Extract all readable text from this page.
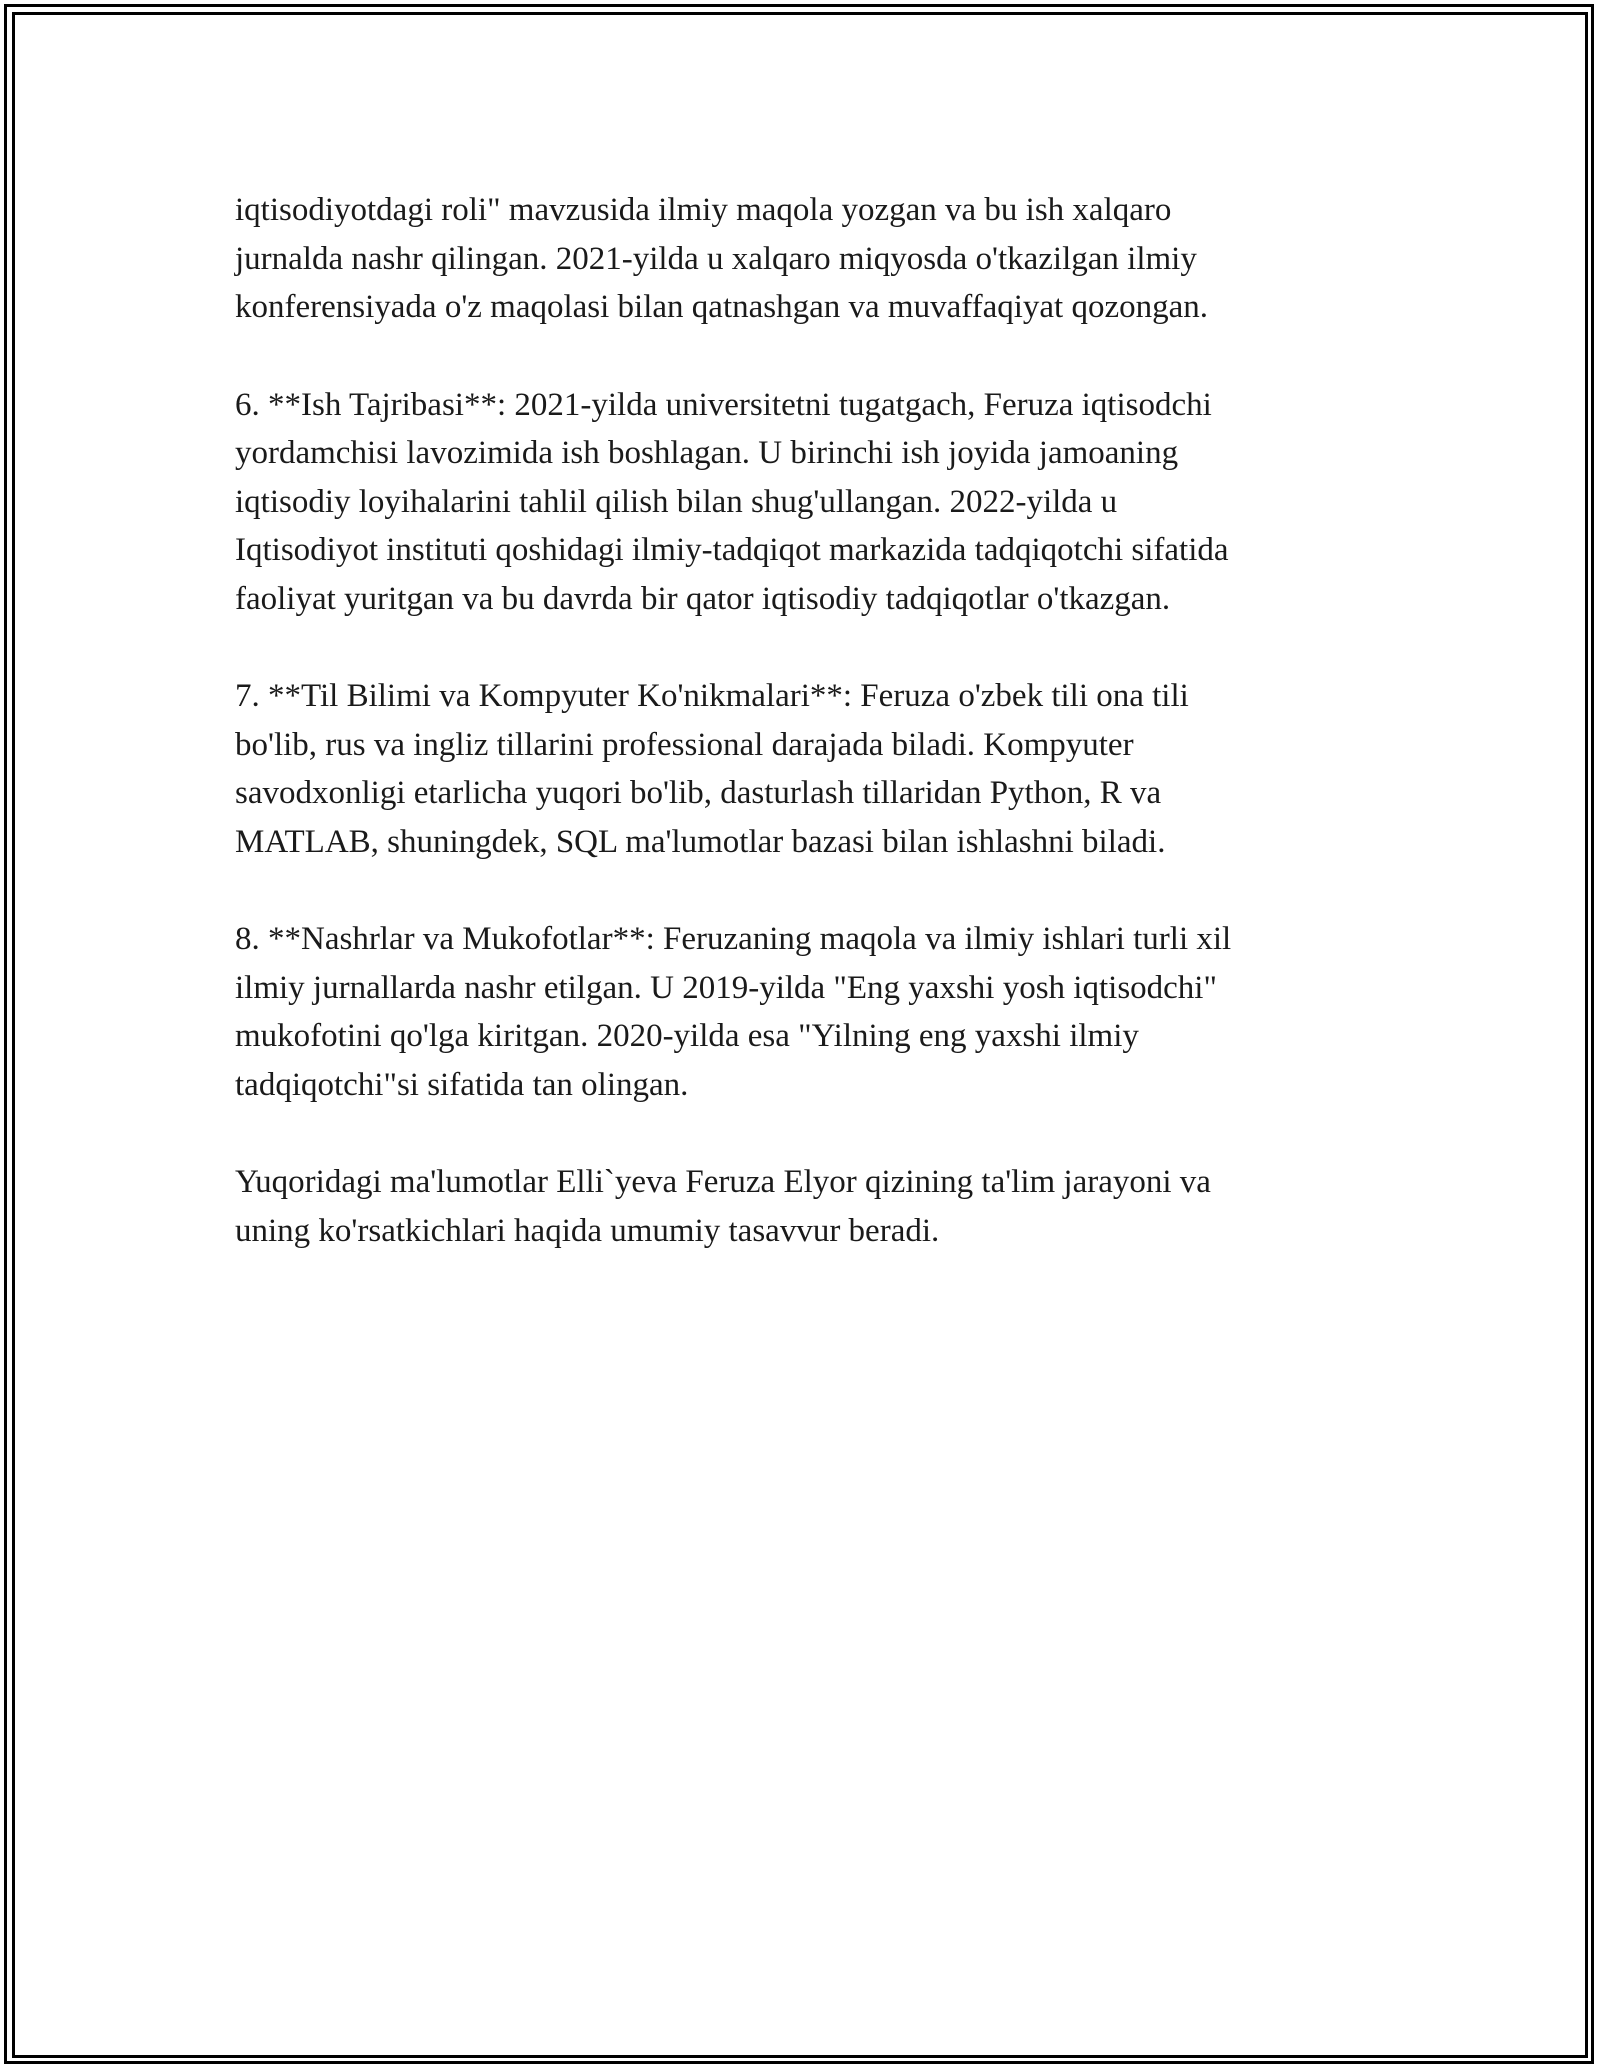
iqtisodiyotdagi roli" mavzusida ilmiy maqola yozgan va bu ish xalqaro
jurnalda nashr qilingan. 2021-yilda u xalqaro miqyosda o'tkazilgan ilmiy
konferensiyada o'z maqolasi bilan qatnashgan va muvaffaqiyat qozongan.

6. **Ish Tajribasi**: 2021-yilda universitetni tugatgach, Feruza iqtisodchi
yordamchisi lavozimida ish boshlagan. U birinchi ish joyida jamoaning
iqtisodiy loyihalarini tahlil qilish bilan shug'ullangan. 2022-yilda u
Iqtisodiyot instituti qoshidagi ilmiy-tadqiqot markazida tadqiqotchi sifatida
faoliyat yuritgan va bu davrda bir qator iqtisodiy tadqiqotlar o'tkazgan.

7. **Til Bilimi va Kompyuter Ko'nikmalari**: Feruza o'zbek tili ona tili
bo'lib, rus va ingliz tillarini professional darajada biladi. Kompyuter
savodxonligi etarlicha yuqori bo'lib, dasturlash tillaridan Python, R va
MATLAB, shuningdek, SQL ma'lumotlar bazasi bilan ishlashni biladi.

8. **Nashrlar va Mukofotlar**: Feruzaning maqola va ilmiy ishlari turli xil
ilmiy jurnallarda nashr etilgan. U 2019-yilda "Eng yaxshi yosh iqtisodchi"
mukofotini qo'lga kiritgan. 2020-yilda esa "Yilning eng yaxshi ilmiy
tadqiqotchi"si sifatida tan olingan.

Yuqoridagi ma'lumotlar Elli`yeva Feruza Elyor qizining ta'lim jarayoni va
uning ko'rsatkichlari haqida umumiy tasavvur beradi.
